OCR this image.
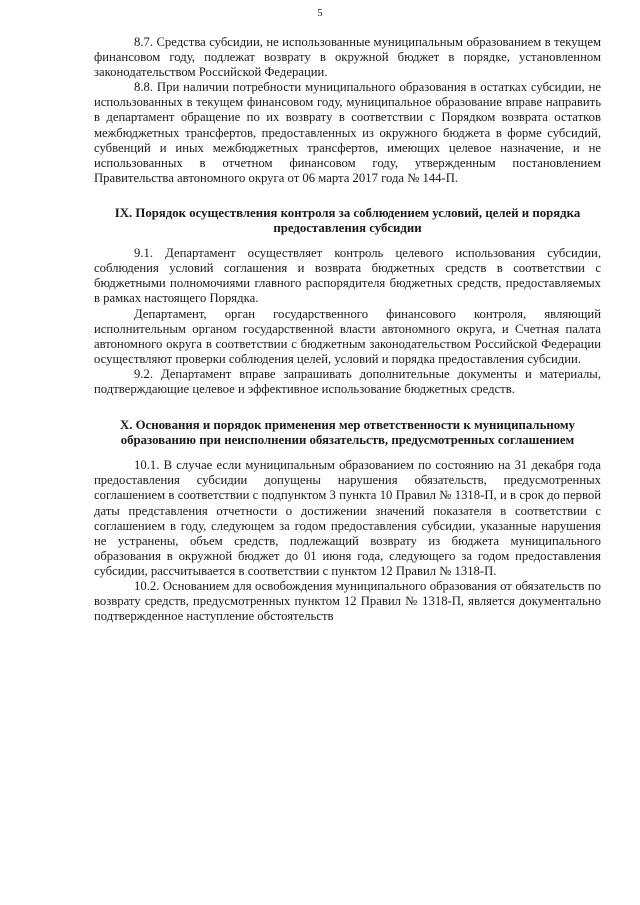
5

8.7. Средства субсидии, не использованные муниципальным образованием в текущем финансовом году, подлежат возврату в окружной бюджет в порядке, установленном законодательством Российской Федерации.

8.8. При наличии потребности муниципального образования в остатках субсидии, не использованных в текущем финансовом году, муниципальное образование вправе направить в департамент обращение по их возврату в соответствии с Порядком возврата остатков межбюджетных трансфертов, предоставленных из окружного бюджета в форме субсидий, субвенций и иных межбюджетных трансфертов, имеющих целевое назначение, и не использованных в отчетном финансовом году, утвержденным постановлением Правительства автономного округа от 06 марта 2017 года № 144-П.

IX. Порядок осуществления контроля за соблюдением условий, целей и порядка предоставления субсидии

9.1. Департамент осуществляет контроль целевого использования субсидии, соблюдения условий соглашения и возврата бюджетных средств в соответствии с бюджетными полномочиями главного распорядителя бюджетных средств, предоставляемых в рамках настоящего Порядка.

Департамент, орган государственного финансового контроля, являющий исполнительным органом государственной власти автономного округа, и Счетная палата автономного округа в соответствии с бюджетным законодательством Российской Федерации осуществляют проверки соблюдения целей, условий и порядка предоставления субсидии.

9.2. Департамент вправе запрашивать дополнительные документы и материалы, подтверждающие целевое и эффективное использование бюджетных средств.

X. Основания и порядок применения мер ответственности к муниципальному образованию при неисполнении обязательств, предусмотренных соглашением

10.1. В случае если муниципальным образованием по состоянию на 31 декабря года предоставления субсидии допущены нарушения обязательств, предусмотренных соглашением в соответствии с подпунктом 3 пункта 10 Правил № 1318-П, и в срок до первой даты представления отчетности о достижении значений показателя в соответствии с соглашением в году, следующем за годом предоставления субсидии, указанные нарушения не устранены, объем средств, подлежащий возврату из бюджета муниципального образования в окружной бюджет до 01 июня года, следующего за годом предоставления субсидии, рассчитывается в соответствии с пунктом 12 Правил № 1318-П.

10.2. Основанием для освобождения муниципального образования от обязательств по возврату средств, предусмотренных пунктом 12 Правил № 1318-П, является документально подтвержденное наступление обстоятельств
